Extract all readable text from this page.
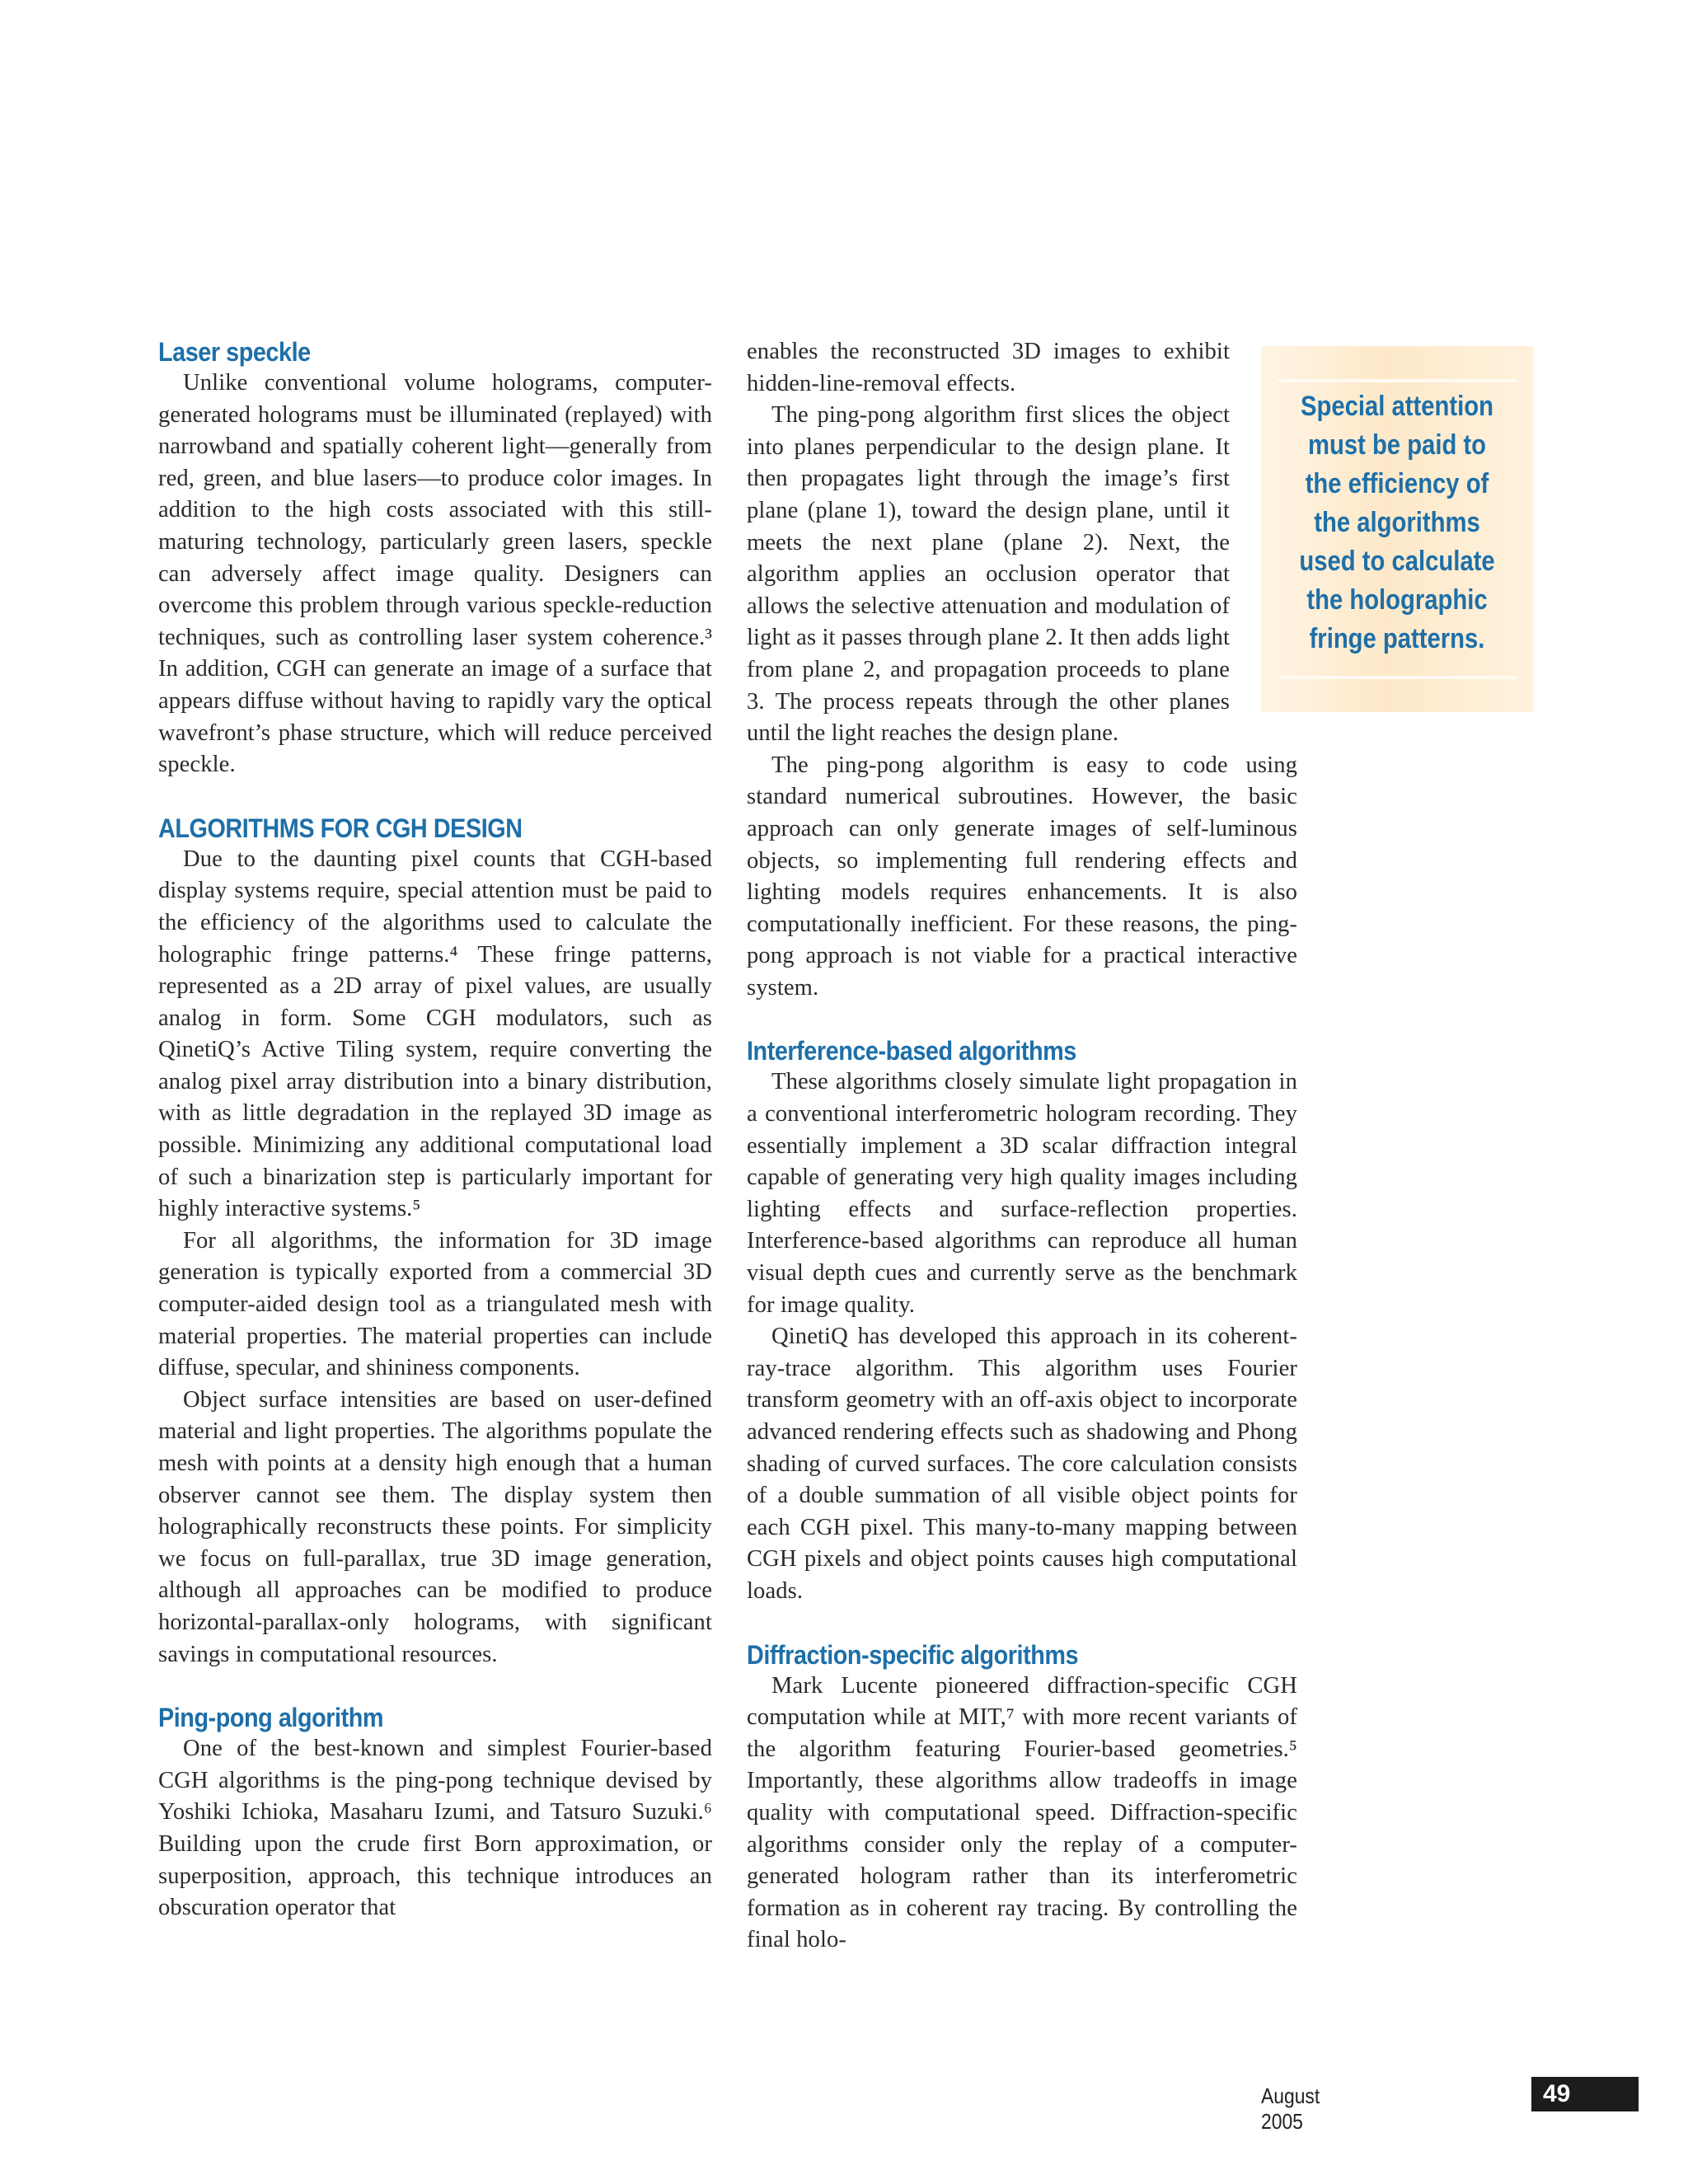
Laser speckle

Unlike conventional volume holograms, computer-generated holograms must be illuminated (replayed) with narrowband and spatially coherent light—generally from red, green, and blue lasers—to produce color images. In addition to the high costs associated with this still-maturing technology, particularly green lasers, speckle can adversely affect image quality. Designers can overcome this problem through various speckle-reduction techniques, such as controlling laser system coherence.³ In addition, CGH can generate an image of a surface that appears diffuse without having to rapidly vary the optical wavefront’s phase structure, which will reduce perceived speckle.

ALGORITHMS FOR CGH DESIGN

Due to the daunting pixel counts that CGH-based display systems require, special attention must be paid to the efficiency of the algorithms used to calculate the holographic fringe patterns.⁴ These fringe patterns, represented as a 2D array of pixel values, are usually analog in form. Some CGH modulators, such as QinetiQ’s Active Tiling system, require converting the analog pixel array distribution into a binary distribution, with as little degradation in the replayed 3D image as possible. Minimizing any additional computational load of such a binarization step is particularly important for highly interactive systems.⁵

For all algorithms, the information for 3D image generation is typically exported from a commercial 3D computer-aided design tool as a triangulated mesh with material properties. The material properties can include diffuse, specular, and shininess components.

Object surface intensities are based on user-defined material and light properties. The algorithms populate the mesh with points at a density high enough that a human observer cannot see them. The display system then holographically reconstructs these points. For simplicity we focus on full-parallax, true 3D image generation, although all approaches can be modified to produce horizontal-parallax-only holograms, with significant savings in computational resources.

Ping-pong algorithm

One of the best-known and simplest Fourier-based CGH algorithms is the ping-pong technique devised by Yoshiki Ichioka, Masaharu Izumi, and Tatsuro Suzuki.⁶ Building upon the crude first Born approximation, or superposition, approach, this technique introduces an obscuration operator that

enables the reconstructed 3D images to exhibit hidden-line-removal effects.

The ping-pong algorithm first slices the object into planes perpendicular to the design plane. It then propagates light through the image’s first plane (plane 1), toward the design plane, until it meets the next plane (plane 2). Next, the algorithm applies an occlusion operator that allows the selective attenuation and modulation of light as it passes through plane 2. It then adds light from plane 2, and propagation proceeds to plane 3. The process repeats through the other planes until the light reaches the design plane.

The ping-pong algorithm is easy to code using standard numerical subroutines. However, the basic approach can only generate images of self-luminous objects, so implementing full rendering effects and lighting models requires enhancements. It is also computationally inefficient. For these reasons, the ping-pong approach is not viable for a practical interactive system.

Interference-based algorithms

These algorithms closely simulate light propagation in a conventional interferometric hologram recording. They essentially implement a 3D scalar diffraction integral capable of generating very high quality images including lighting effects and surface-reflection properties. Interference-based algorithms can reproduce all human visual depth cues and currently serve as the benchmark for image quality.

QinetiQ has developed this approach in its coherent-ray-trace algorithm. This algorithm uses Fourier transform geometry with an off-axis object to incorporate advanced rendering effects such as shadowing and Phong shading of curved surfaces. The core calculation consists of a double summation of all visible object points for each CGH pixel. This many-to-many mapping between CGH pixels and object points causes high computational loads.

Diffraction-specific algorithms

Mark Lucente pioneered diffraction-specific CGH computation while at MIT,⁷ with more recent variants of the algorithm featuring Fourier-based geometries.⁵ Importantly, these algorithms allow tradeoffs in image quality with computational speed. Diffraction-specific algorithms consider only the replay of a computer-generated hologram rather than its interferometric formation as in coherent ray tracing. By controlling the final holo-

Special attention must be paid to the efficiency of the algorithms used to calculate the holographic fringe patterns.
August 2005
49
